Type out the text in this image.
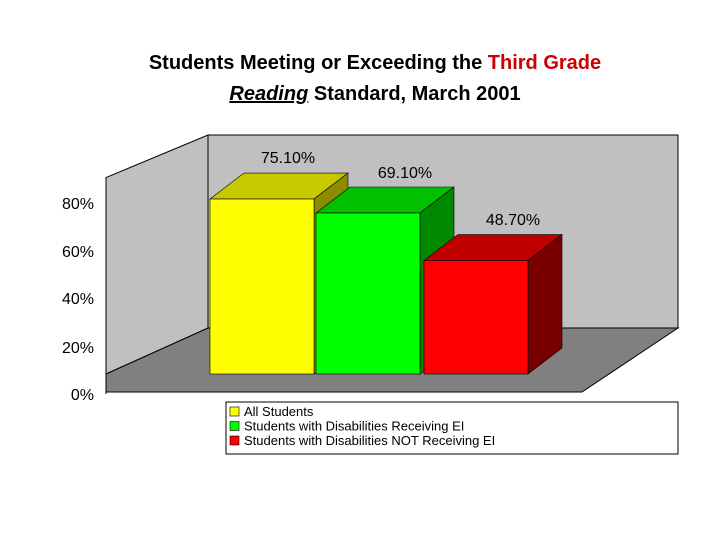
Students Meeting or Exceeding the Third Grade
Reading Standard, March 2001
0%
20%
40%
60%
80%
75.10%
69.10%
48.70%
All Students
Students with Disabilities Receiving EI
Students with Disabilities NOT Receiving EI
